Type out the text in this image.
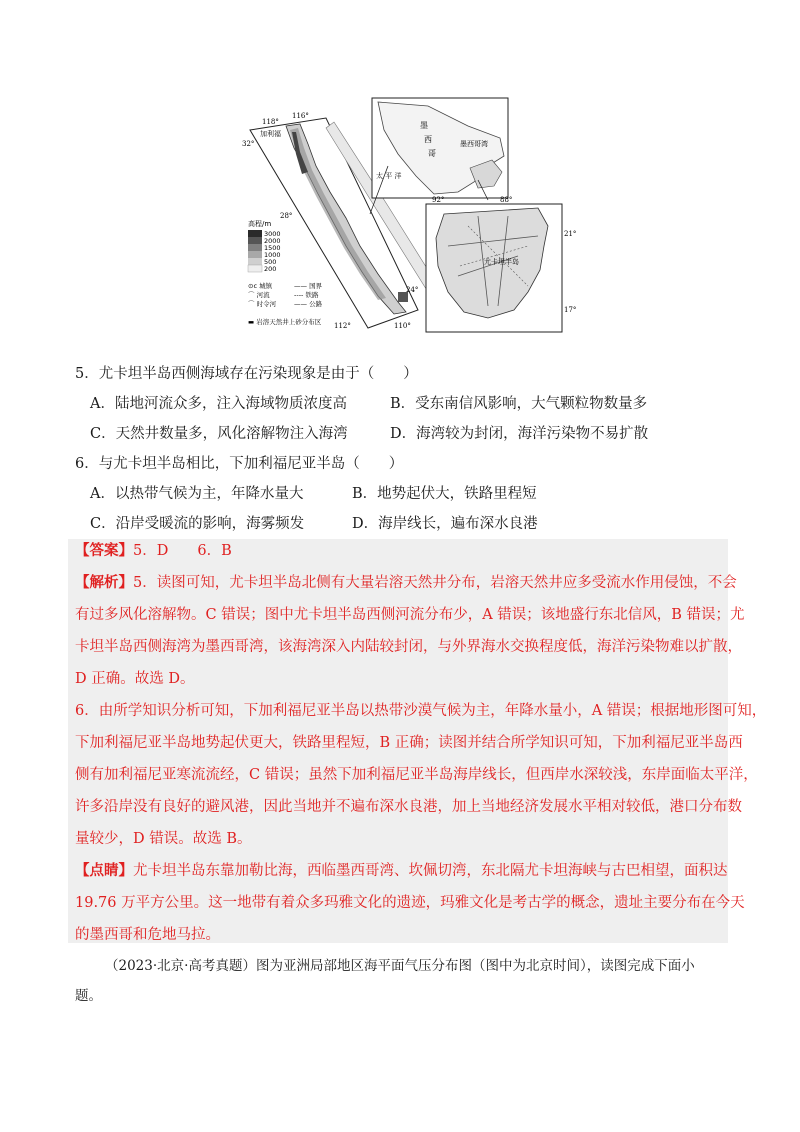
118°
116°
32°
加利福
28°
24°
112°	110°
高程/m
3000
2000
1500
1000
500
200
⊙c 城镇
⌒ 河流
⌒ 时令河
▬ 岩溶天然井上砂分布区
—— 国界
---- 铁路
—— 公路
墨
西
哥
墨西哥湾
太 平 洋
尤卡坦半岛
92°	88°
21°
17°
5．尤卡坦半岛西侧海域存在污染现象是由于（　　）
A．陆地河流众多，注入海域物质浓度高	B．受东南信风影响，大气颗粒物数量多
C．天然井数量多，风化溶解物注入海湾	D．海湾较为封闭，海洋污染物不易扩散
6．与尤卡坦半岛相比，下加利福尼亚半岛（　　）
A．以热带气候为主，年降水量大	B．地势起伏大，铁路里程短
C．沿岸受暖流的影响，海雾频发	D．海岸线长，遍布深水良港
【答案】5．D　　6．B
【解析】5．读图可知，尤卡坦半岛北侧有大量岩溶天然井分布，岩溶天然井应多受流水作用侵蚀，不会
有过多风化溶解物。C 错误；图中尤卡坦半岛西侧河流分布少，A 错误；该地盛行东北信风，B 错误；尤
卡坦半岛西侧海湾为墨西哥湾，该海湾深入内陆较封闭，与外界海水交换程度低，海洋污染物难以扩散，
D 正确。故选 D。
6．由所学知识分析可知，下加利福尼亚半岛以热带沙漠气候为主，年降水量小，A 错误；根据地形图可知，
下加利福尼亚半岛地势起伏更大，铁路里程短，B 正确；读图并结合所学知识可知，下加利福尼亚半岛西
侧有加利福尼亚寒流流经，C 错误；虽然下加利福尼亚半岛海岸线长，但西岸水深较浅，东岸面临太平洋，
许多沿岸没有良好的避风港，因此当地并不遍布深水良港，加上当地经济发展水平相对较低，港口分布数
量较少，D 错误。故选 B。
【点睛】尤卡坦半岛东靠加勒比海，西临墨西哥湾、坎佩切湾，东北隔尤卡坦海峡与古巴相望，面积达
19.76 万平方公里。这一地带有着众多玛雅文化的遗迹，玛雅文化是考古学的概念，遗址主要分布在今天
的墨西哥和危地马拉。
（2023·北京·高考真题）图为亚洲局部地区海平面气压分布图（图中为北京时间），读图完成下面小
题。
